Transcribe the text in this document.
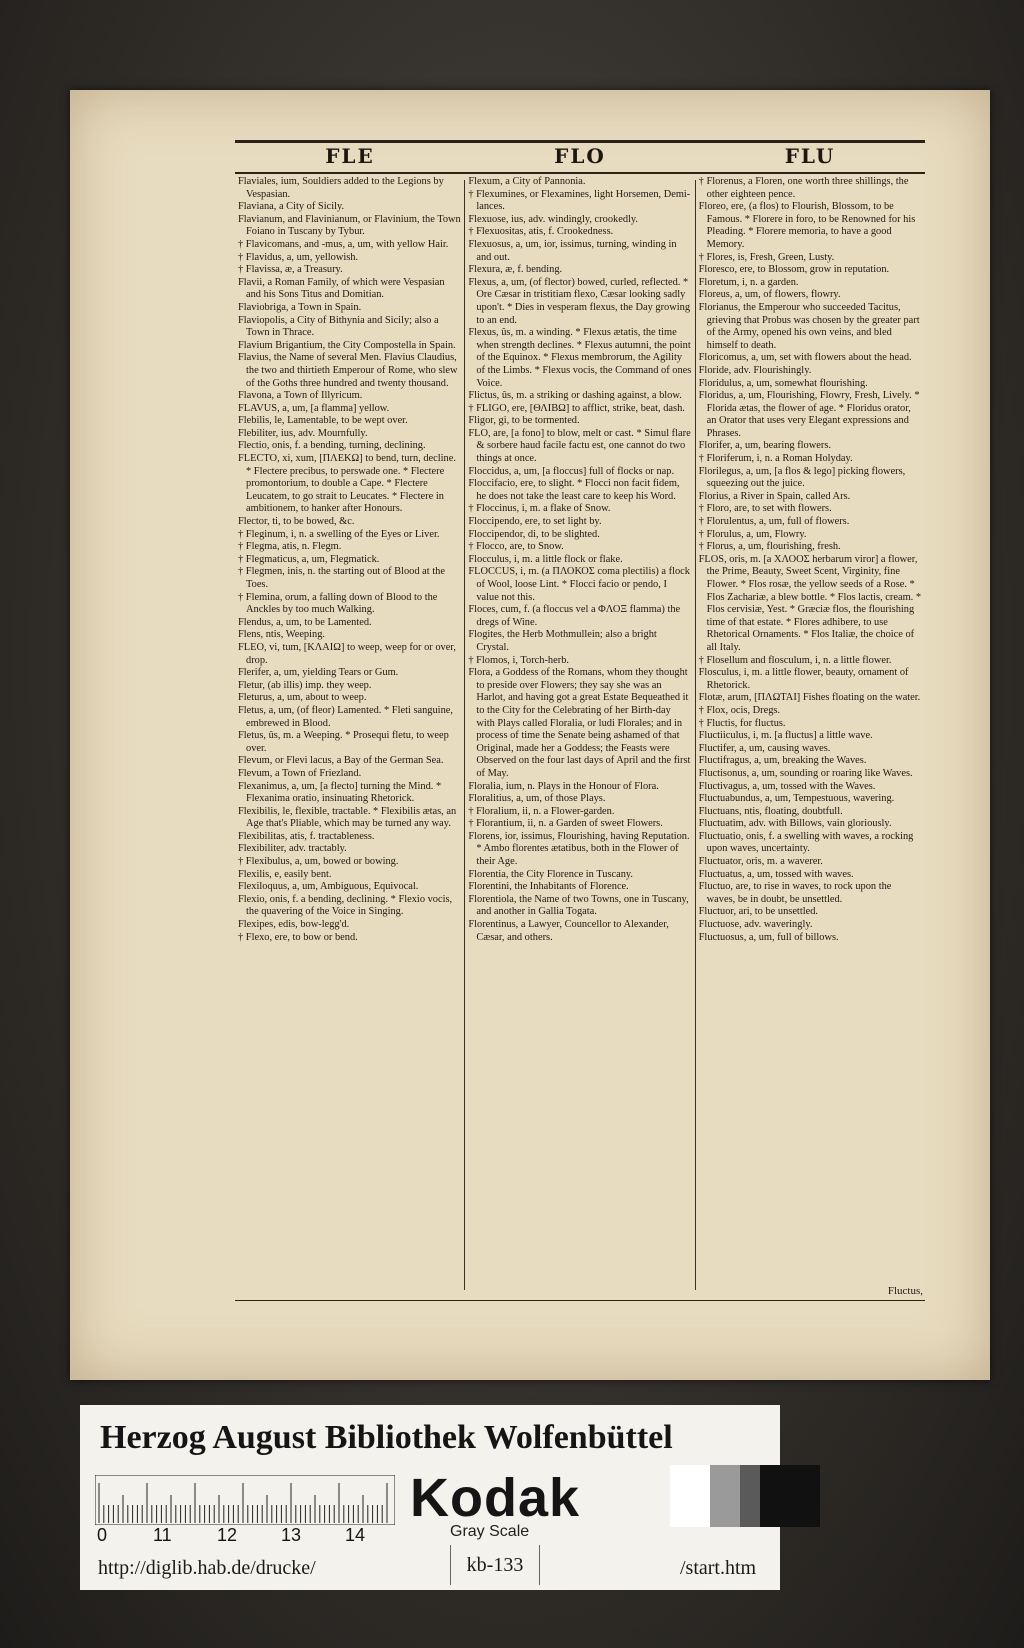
FLE	FLO	FLU

Flaviales, ium, Souldiers added to the Legions by Vespasian.

Flaviana, a City of Sicily.

Flavianum, and Flavinianum, or Flavinium, the Town Foiano in Tuscany by Tybur.

† Flavicomans, and -mus, a, um, with yellow Hair.

† Flavidus, a, um, yellowish.

† Flavissa, æ, a Treasury.

Flavii, a Roman Family, of which were Vespasian and his Sons Titus and Domitian.

Flaviobriga, a Town in Spain.

Flaviopolis, a City of Bithynia and Sicily; also a Town in Thrace.

Flavium Brigantium, the City Compostella in Spain.

Flavius, the Name of several Men. Flavius Claudius, the two and thirtieth Emperour of Rome, who slew of the Goths three hundred and twenty thousand.

Flavona, a Town of Illyricum.

FLAVUS, a, um, [a flamma] yellow.

Flebilis, le, Lamentable, to be wept over.

Flebiliter, ius, adv. Mournfully.

Flectio, onis, f. a bending, turning, declining.

FLECTO, xi, xum, [ΠΛΕΚΩ] to bend, turn, decline. * Flectere precibus, to perswade one. * Flectere promontorium, to double a Cape. * Flectere Leucatem, to go strait to Leucates. * Flectere in ambitionem, to hanker after Honours.

Flector, ti, to be bowed, &c.

† Fleginum, i, n. a swelling of the Eyes or Liver.

† Flegma, atis, n. Flegm.

† Flegmaticus, a, um, Flegmatick.

† Flegmen, inis, n. the starting out of Blood at the Toes.

† Flemina, orum, a falling down of Blood to the Anckles by too much Walking.

Flendus, a, um, to be Lamented.

Flens, ntis, Weeping.

FLEO, vi, tum, [ΚΛΑΙΩ] to weep, weep for or over, drop.

Flerifer, a, um, yielding Tears or Gum.

Fletur, (ab illis) imp. they weep.

Fleturus, a, um, about to weep.

Fletus, a, um, (of fleor) Lamented. * Fleti sanguine, embrewed in Blood.

Fletus, ûs, m. a Weeping. * Prosequi fletu, to weep over.

Flevum, or Flevi lacus, a Bay of the German Sea.

Flevum, a Town of Friezland.

Flexanimus, a, um, [a flecto] turning the Mind. * Flexanima oratio, insinuating Rhetorick.

Flexibilis, le, flexible, tractable. * Flexibilis ætas, an Age that's Pliable, which may be turned any way.

Flexibilitas, atis, f. tractableness.

Flexibiliter, adv. tractably.

† Flexibulus, a, um, bowed or bowing.

Flexilis, e, easily bent.

Flexiloquus, a, um, Ambiguous, Equivocal.

Flexio, onis, f. a bending, declining. * Flexio vocis, the quavering of the Voice in Singing.

Flexipes, edis, bow-legg'd.

† Flexo, ere, to bow or bend.

Flexum, a City of Pannonia.

† Flexumines, or Flexamines, light Horsemen, Demi-lances.

Flexuose, ius, adv. windingly, crookedly.

† Flexuositas, atis, f. Crookedness.

Flexuosus, a, um, ior, issimus, turning, winding in and out.

Flexura, æ, f. bending.

Flexus, a, um, (of flector) bowed, curled, reflected. * Ore Cæsar in tristitiam flexo, Cæsar looking sadly upon't. * Dies in vesperam flexus, the Day growing to an end.

Flexus, ûs, m. a winding. * Flexus ætatis, the time when strength declines. * Flexus autumni, the point of the Equinox. * Flexus membrorum, the Agility of the Limbs. * Flexus vocis, the Command of ones Voice.

Flictus, ûs, m. a striking or dashing against, a blow.

† FLIGO, ere, [ΘΛΙΒΩ] to afflict, strike, beat, dash.

Fligor, gi, to be tormented.

FLO, are, [a fono] to blow, melt or cast. * Simul flare & sorbere haud facile factu est, one cannot do two things at once.

Floccidus, a, um, [a floccus] full of flocks or nap.

Floccifacio, ere, to slight. * Flocci non facit fidem, he does not take the least care to keep his Word.

† Floccinus, i, m. a flake of Snow.

Floccipendo, ere, to set light by.

Floccipendor, di, to be slighted.

† Flocco, are, to Snow.

Flocculus, i, m. a little flock or flake.

FLOCCUS, i, m. (a ΠΛΟΚΟΣ coma plectilis) a flock of Wool, loose Lint. * Flocci facio or pendo, I value not this.

Floces, cum, f. (a floccus vel a ΦΛΟΞ flamma) the dregs of Wine.

Flogites, the Herb Mothmullein; also a bright Crystal.

† Flomos, i, Torch-herb.

Flora, a Goddess of the Romans, whom they thought to preside over Flowers; they say she was an Harlot, and having got a great Estate Bequeathed it to the City for the Celebrating of her Birth-day with Plays called Floralia, or ludi Florales; and in process of time the Senate being ashamed of that Original, made her a Goddess; the Feasts were Observed on the four last days of April and the first of May.

Floralia, ium, n. Plays in the Honour of Flora.

Floralitius, a, um, of those Plays.

† Floralium, ii, n. a Flower-garden.

† Florantium, ii, n. a Garden of sweet Flowers.

Florens, ior, issimus, Flourishing, having Reputation. * Ambo florentes ætatibus, both in the Flower of their Age.

Florentia, the City Florence in Tuscany.

Florentini, the Inhabitants of Florence.

Florentiola, the Name of two Towns, one in Tuscany, and another in Gallia Togata.

Florentinus, a Lawyer, Councellor to Alexander, Cæsar, and others.

† Florenus, a Floren, one worth three shillings, the other eighteen pence.

Floreo, ere, (a flos) to Flourish, Blossom, to be Famous. * Florere in foro, to be Renowned for his Pleading. * Florere memoria, to have a good Memory.

† Flores, is, Fresh, Green, Lusty.

Floresco, ere, to Blossom, grow in reputation.

Floretum, i, n. a garden.

Floreus, a, um, of flowers, flowry.

Florianus, the Emperour who succeeded Tacitus, grieving that Probus was chosen by the greater part of the Army, opened his own veins, and bled himself to death.

Floricomus, a, um, set with flowers about the head.

Floride, adv. Flourishingly.

Floridulus, a, um, somewhat flourishing.

Floridus, a, um, Flourishing, Flowry, Fresh, Lively. * Florida ætas, the flower of age. * Floridus orator, an Orator that uses very Elegant expressions and Phrases.

Florifer, a, um, bearing flowers.

† Floriferum, i, n. a Roman Holyday.

Florilegus, a, um, [a flos & lego] picking flowers, squeezing out the juice.

Florius, a River in Spain, called Ars.

† Floro, are, to set with flowers.

† Florulentus, a, um, full of flowers.

† Florulus, a, um, Flowry.

† Florus, a, um, flourishing, fresh.

FLOS, oris, m. [a ΧΛΟΟΣ herbarum viror] a flower, the Prime, Beauty, Sweet Scent, Virginity, fine Flower. * Flos rosæ, the yellow seeds of a Rose. * Flos Zachariæ, a blew bottle. * Flos lactis, cream. * Flos cervisiæ, Yest. * Græciæ flos, the flourishing time of that estate. * Flores adhibere, to use Rhetorical Ornaments. * Flos Italiæ, the choice of all Italy.

† Flosellum and flosculum, i, n. a little flower.

Flosculus, i, m. a little flower, beauty, ornament of Rhetorick.

Flotæ, arum, [ΠΛΩΤΑΙ] Fishes floating on the water.

† Flox, ocis, Dregs.

† Fluctis, for fluctus.

Fluctiiculus, i, m. [a fluctus] a little wave.

Fluctifer, a, um, causing waves.

Fluctifragus, a, um, breaking the Waves.

Fluctisonus, a, um, sounding or roaring like Waves.

Fluctivagus, a, um, tossed with the Waves.

Fluctuabundus, a, um, Tempestuous, wavering.

Fluctuans, ntis, floating, doubtfull.

Fluctuatim, adv. with Billows, vain gloriously.

Fluctuatio, onis, f. a swelling with waves, a rocking upon waves, uncertainty.

Fluctuator, oris, m. a waverer.

Fluctuatus, a, um, tossed with waves.

Fluctuo, are, to rise in waves, to rock upon the waves, be in doubt, be unsettled.

Fluctuor, ari, to be unsettled.

Fluctuose, adv. waveringly.

Fluctuosus, a, um, full of billows.

Fluctus,
Herzog August Bibliothek Wolfenbüttel
0	11	12 13 14
Kodak
Gray Scale
http://diglib.hab.de/drucke/	kb-133	/start.htm
